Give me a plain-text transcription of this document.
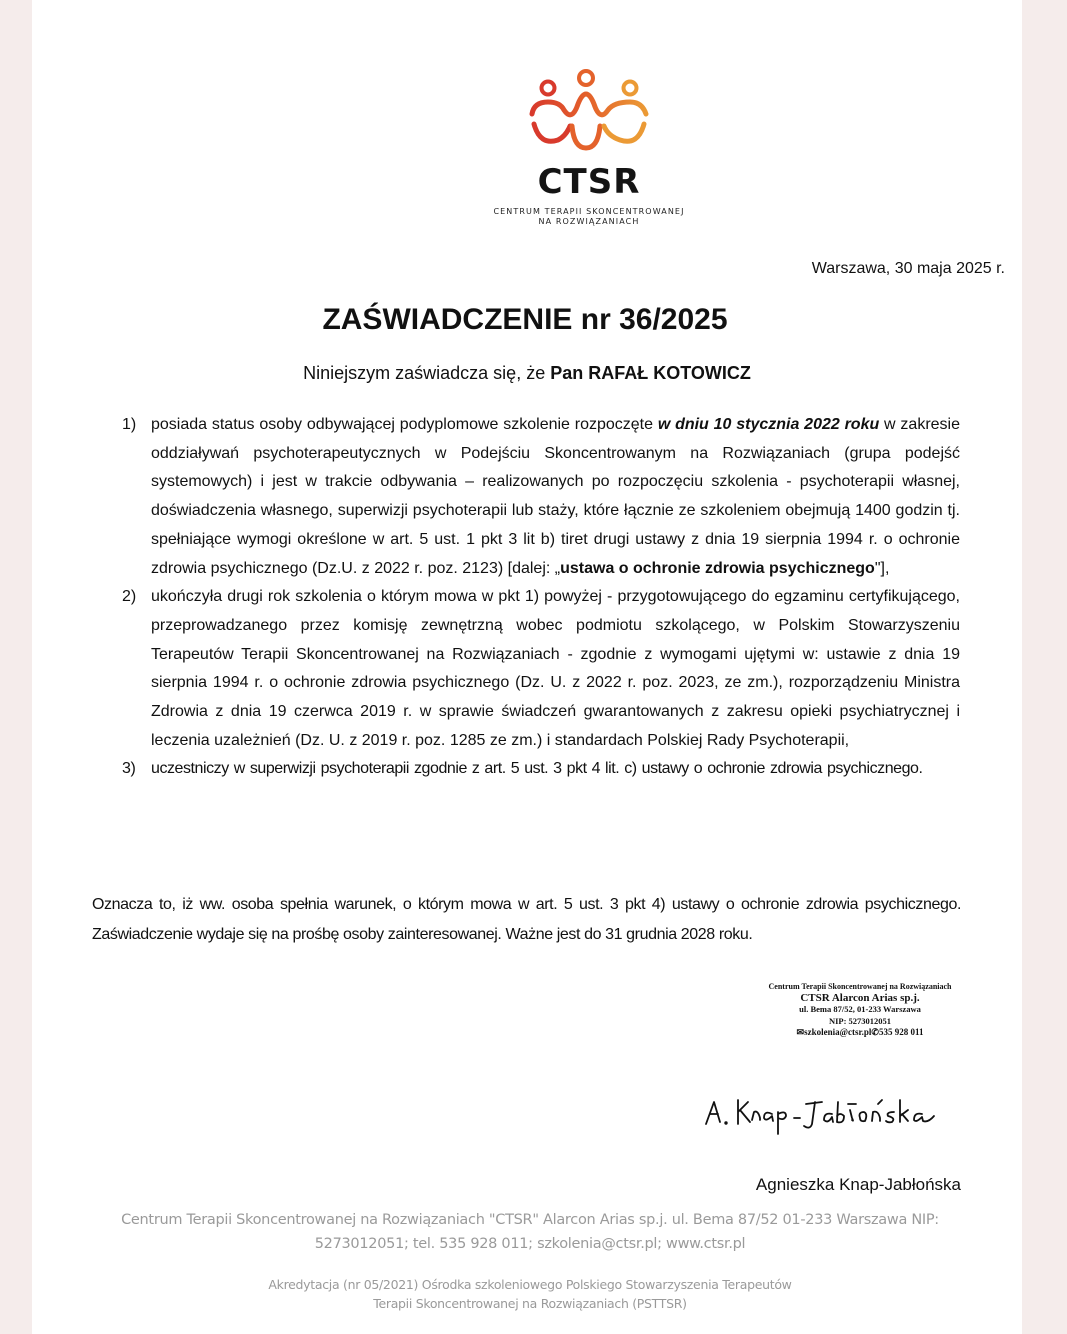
CTSR
CENTRUM TERAPII SKONCENTROWANEJ
NA ROZWIĄZANIACH
Warszawa, 30 maja 2025 r.
ZAŚWIADCZENIE nr 36/2025
Niniejszym zaświadcza się, że Pan RAFAŁ KOTOWICZ
1) posiada status osoby odbywającej podyplomowe szkolenie rozpoczęte w dniu 10 stycznia 2022 roku w zakresie oddziaływań psychoterapeutycznych w Podejściu Skoncentrowanym na Rozwiązaniach (grupa podejść systemowych) i jest w trakcie odbywania – realizowanych po rozpoczęciu szkolenia - psychoterapii własnej, doświadczenia własnego, superwizji psychoterapii lub staży, które łącznie ze szkoleniem obejmują 1400 godzin tj. spełniające wymogi określone w art. 5 ust. 1 pkt 3 lit b) tiret drugi ustawy z dnia 19 sierpnia 1994 r. o ochronie zdrowia psychicznego (Dz.U. z 2022 r. poz. 2123) [dalej: „ustawa o ochronie zdrowia psychicznego"],
2) ukończyła drugi rok szkolenia o którym mowa w pkt 1) powyżej - przygotowującego do egzaminu certyfikującego, przeprowadzanego przez komisję zewnętrzną wobec podmiotu szkolącego, w Polskim Stowarzyszeniu Terapeutów Terapii Skoncentrowanej na Rozwiązaniach - zgodnie z wymogami ujętymi w: ustawie z dnia 19 sierpnia 1994 r. o ochronie zdrowia psychicznego (Dz. U. z 2022 r. poz. 2023, ze zm.), rozporządzeniu Ministra Zdrowia z dnia 19 czerwca 2019 r. w sprawie świadczeń gwarantowanych z zakresu opieki psychiatrycznej i leczenia uzależnień (Dz. U. z 2019 r. poz. 1285 ze zm.) i standardach Polskiej Rady Psychoterapii,
3) uczestniczy w superwizji psychoterapii zgodnie z art. 5 ust. 3 pkt 4 lit. c) ustawy o ochronie zdrowia psychicznego.
Oznacza to, iż ww. osoba spełnia warunek, o którym mowa w art. 5 ust. 3 pkt 4) ustawy o ochronie zdrowia psychicznego. Zaświadczenie wydaje się na prośbę osoby zainteresowanej. Ważne jest do 31 grudnia 2028 roku.
Centrum Terapii Skoncentrowanej na Rozwiązaniach
CTSR Alarcon Arias sp.j.
ul. Bema 87/52, 01-233 Warszawa
NIP: 5273012051
✉szkolenia@ctsr.pl✆535 928 011
Agnieszka Knap-Jabłońska
Centrum Terapii Skoncentrowanej na Rozwiązaniach "CTSR" Alarcon Arias sp.j. ul. Bema 87/52 01-233 Warszawa NIP:
5273012051; tel. 535 928 011; szkolenia@ctsr.pl; www.ctsr.pl
Akredytacja (nr 05/2021) Ośrodka szkoleniowego Polskiego Stowarzyszenia Terapeutów
Terapii Skoncentrowanej na Rozwiązaniach (PSTTSR)
